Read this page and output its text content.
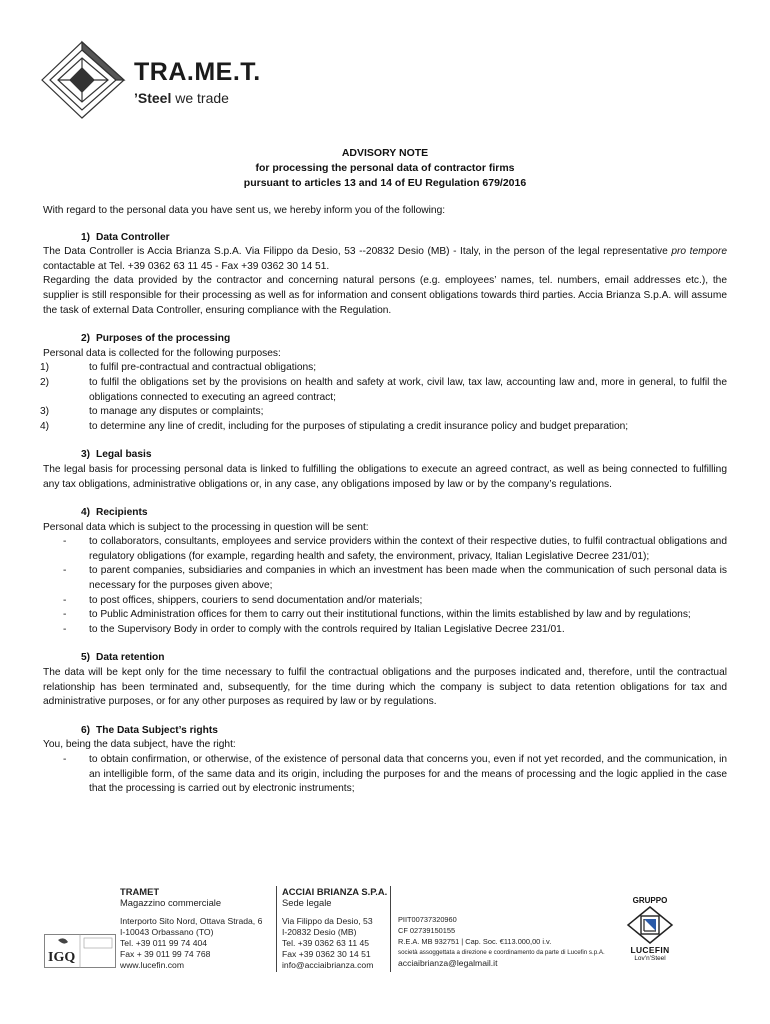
TRA.ME.T.
’Steel we trade
ADVISORY NOTE
for processing the personal data of contractor firms
pursuant to articles 13 and 14 of EU Regulation 679/2016

With regard to the personal data you have sent us, we hereby inform you of the following:

1) Data Controller

The Data Controller is Accia Brianza S.p.A. Via Filippo da Desio, 53 --20832 Desio (MB) - Italy, in the person of the legal representative pro tempore contactable at Tel. +39 0362 63 11 45 - Fax +39 0362 30 14 51.

Regarding the data provided by the contractor and concerning natural persons (e.g. employees’ names, tel. numbers, email addresses etc.), the supplier is still responsible for their processing as well as for information and consent obligations towards third parties. Accia Brianza S.p.A. will assume the task of external Data Controller, ensuring compliance with the Regulation.

2) Purposes of the processing

Personal data is collected for the following purposes:

1)	to fulfil pre-contractual and contractual obligations;
2)	to fulfil the obligations set by the provisions on health and safety at work, civil law, tax law, accounting law and, more in general, to fulfil the obligations connected to executing an agreed contract;
3)	to manage any disputes or complaints;
4)	to determine any line of credit, including for the purposes of stipulating a credit insurance policy and budget preparation;
3) Legal basis

The legal basis for processing personal data is linked to fulfilling the obligations to execute an agreed contract, as well as being connected to fulfilling any tax obligations, administrative obligations or, in any case, any obligations imposed by law or by the company’s regulations.

4) Recipients

Personal data which is subject to the processing in question will be sent:

-	to collaborators, consultants, employees and service providers within the context of their respective duties, to fulfil contractual obligations and regulatory obligations (for example, regarding health and safety, the environment, privacy, Italian Legislative Decree 231/01);
-	to parent companies, subsidiaries and companies in which an investment has been made when the communication of such personal data is necessary for the purposes given above;
-	to post offices, shippers, couriers to send documentation and/or materials;
-	to Public Administration offices for them to carry out their institutional functions, within the limits established by law and by regulations;
-	to the Supervisory Body in order to comply with the controls required by Italian Legislative Decree 231/01.
5) Data retention

The data will be kept only for the time necessary to fulfil the contractual obligations and the purposes indicated and, therefore, until the contractual relationship has been terminated and, subsequently, for the time during which the company is subject to data retention obligations for tax and administrative purposes, or for any other purposes as required by law or by regulations.

6) The Data Subject’s rights

You, being the data subject, have the right:

-	to obtain confirmation, or otherwise, of the existence of personal data that concerns you, even if not yet recorded, and the communication, in an intelligible form, of the same data and its origin, including the purposes for and the means of processing and the logic applied in the case that the processing is carried out by electronic instruments;
TRAMET
Magazzino commerciale
Interporto Sito Nord, Ottava Strada, 6
I-10043 Orbassano (TO)
Tel. +39 011 99 74 404
Fax + 39 011 99 74 768
www.lucefin.com
ACCIAI BRIANZA S.P.A.
Sede legale
Via Filippo da Desio, 53
I-20832 Desio (MB)
Tel. +39 0362 63 11 45
Fax +39 0362 30 14 51
info@acciaibrianza.com
PIIT00737320960
CF 02739150155
R.E.A. MB 932751 | Cap. Soc. €113.000,00 i.v.
società assoggettata a direzione e coordinamento da parte di Lucefin s.p.A.
acciaibrianza@legalmail.it
IGQ
GRUPPO
LUCEFIN
Lov’n’Steel
